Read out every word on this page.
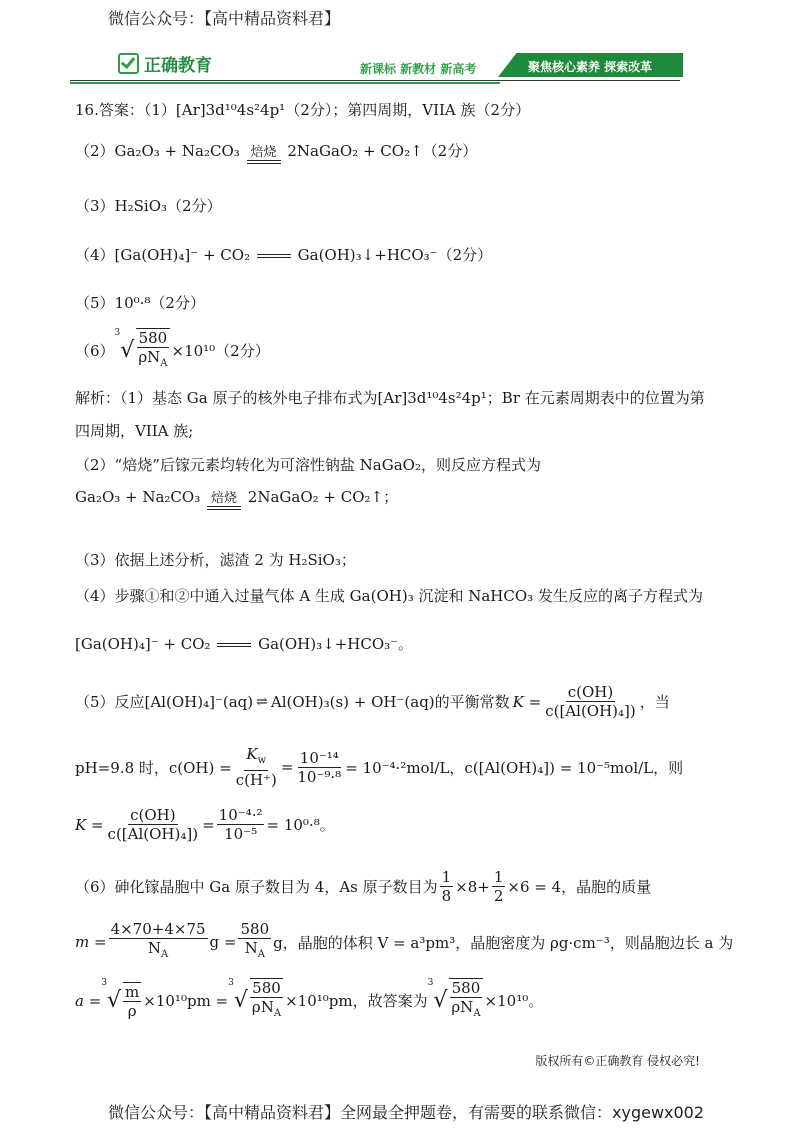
微信公众号：【高中精品资料君】
正确教育	新课标 新教材 新高考	聚焦核心素养 探索改革
16.答案：（1）[Ar]3d¹⁰4s²4p¹（2分）；第四周期，VIIA 族（2分）
（2）Ga₂O₃ + Na₂CO₃ 焙烧 2NaGaO₂ + CO₂↑（2分）
（3）H₂SiO₃（2分）
（4）[Ga(OH)₄]⁻ + CO₂	Ga(OH)₃↓+HCO₃⁻（2分）
（5）10⁰·⁸（2分）
（6）
3
√ $\frac{580}{\rho N_A} \times 10^{10}(2$分）
解析：（1）基态 Ga 原子的核外电子排布式为[Ar]3d¹⁰4s²4p¹；Br 在元素周期表中的位置为第
四周期，VIIA 族;
（2）“焙烧”后镓元素均转化为可溶性钠盐 NaGaO₂，则反应方程式为
Ga₂O₃ + Na₂CO₃ 焙烧 2NaGaO₂ + CO₂↑；
（3）依据上述分析，滤渣 2 为 H₂SiO₃；
（4）步骤①和②中通入过量气体 A 生成 Ga(OH)₃ 沉淀和 NaHCO₃ 发生反应的离子方程式为
[Ga(OH)₄]⁻ + CO₂	Ga(OH)₃↓+HCO₃⁻。
（5）反应[Al(OH)₄]⁻(aq) ⇌ Al(OH)₃(s) + OH⁻(aq)的平衡常数 $K = \frac{c(OH)}{\text{c([Al(OH)₄])}}$ ，当
pH=9.8 时，$c(OH) = \frac{K_w}{c(H^+)} = \frac{\text{10⁻¹⁴}}{\text{10⁻⁹·⁸}} = 10^{-4}\cdot^2mol/L$，c([Al(OH)₄]) = 10⁻⁵mol/L，则
$K = \frac{c(OH)}{\text{c([Al(OH)₄])}} = \frac{\text{10⁻⁴·²}}{\text{10⁻⁵}} = 10^0\cdot^8$。
（6）砷化镓晶胞中 Ga 原子数目为 4，As 原子数目为 $\frac{1}{8} \times 8+ \frac{1}{2} \times 6 = 4$，晶胞的质量
$m = \frac{4\times 70+4\times 75}{N_A}$ $g = \frac{580}{N_A}$ g，晶胞的体积 V = a³pm³，晶胞密度为 ρg·cm⁻³，则晶胞边长 a 为
a =
3
√ $\frac{m}{\rho} \times 10^{10}pm$ =
3
√ $\frac{580}{\rho N_A} \times 10^{10}pm$，故答案为
3
√ $\frac{580}{\rho N_A} \times 10^{10}$。
版权所有©正确教育 侵权必究!
微信公众号：【高中精品资料君】全网最全押题卷，有需要的联系微信：xygewx002
